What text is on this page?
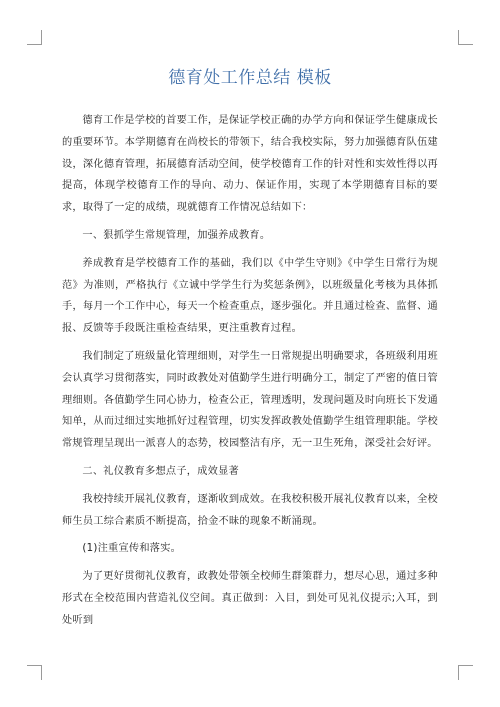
德育处工作总结 模板

德育工作是学校的首要工作，是保证学校正确的办学方向和保证学生健康成长的重要环节。本学期德育在尚校长的带领下，结合我校实际，努力加强德育队伍建设，深化德育管理，拓展德育活动空间，使学校德育工作的针对性和实效性得以再提高，体现学校德育工作的导向、动力、保证作用，实现了本学期德育目标的要求，取得了一定的成绩，现就德育工作情况总结如下：

一、狠抓学生常规管理，加强养成教育。

养成教育是学校德育工作的基础，我们以《中学生守则》《中学生日常行为规范》为准则，严格执行《立诚中学学生行为奖惩条例》，以班级量化考核为具体抓手，每月一个工作中心，每天一个检查重点，逐步强化。并且通过检查、监督、通报、反馈等手段既注重检查结果，更注重教育过程。

我们制定了班级量化管理细则，对学生一日常规提出明确要求，各班级利用班会认真学习贯彻落实，同时政教处对值勤学生进行明确分工，制定了严密的值日管理细则。各值勤学生同心协力，检查公正，管理透明，发现问题及时向班长下发通知单，从而过细过实地抓好过程管理，切实发挥政教处值勤学生组管理职能。学校常规管理呈现出一派喜人的态势，校园整洁有序，无一卫生死角，深受社会好评。

二、礼仪教育多想点子，成效显著

我校持续开展礼仪教育，逐渐收到成效。在我校积极开展礼仪教育以来，全校师生员工综合素质不断提高，拾金不昧的现象不断涌现。

(1)注重宣传和落实。

为了更好贯彻礼仪教育，政教处带领全校师生群策群力，想尽心思，通过多种形式在全校范围内营造礼仪空间。真正做到：入目，到处可见礼仪提示;入耳，到处听到
